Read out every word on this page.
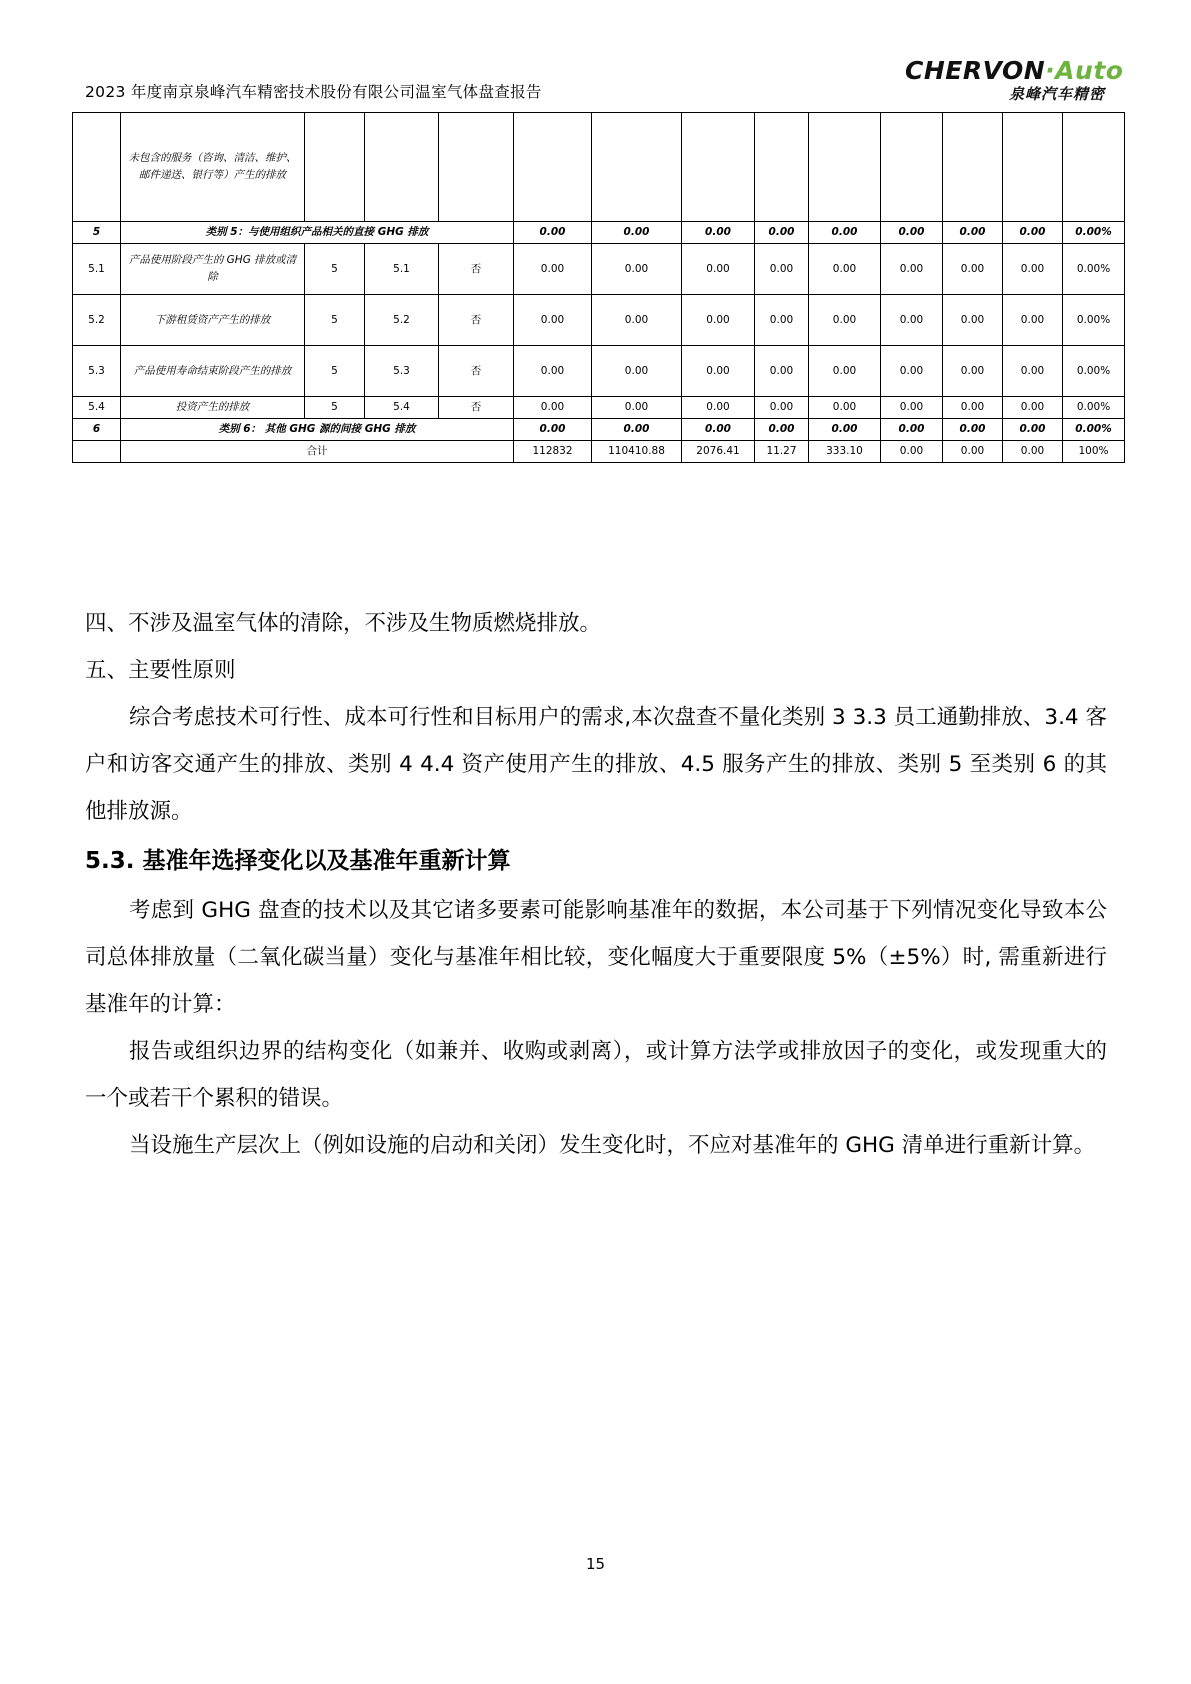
2023 年度南京泉峰汽车精密技术股份有限公司温室气体盘查报告
CHERVON·Auto
泉峰汽车精密
	未包含的服务（咨询、清洁、维护、邮件递送、银行等）产生的排放												
5	类别 5：与使用组织产品相关的直接 GHG 排放				0.00	0.00	0.00	0.00	0.00	0.00	0.00	0.00	0.00%
5.1	产品使用阶段产生的 GHG 排放或清除	5	5.1	否	0.00	0.00	0.00	0.00	0.00	0.00	0.00	0.00	0.00%
5.2	下游租赁资产产生的排放	5	5.2	否	0.00	0.00	0.00	0.00	0.00	0.00	0.00	0.00	0.00%
5.3	产品使用寿命结束阶段产生的排放	5	5.3	否	0.00	0.00	0.00	0.00	0.00	0.00	0.00	0.00	0.00%
5.4	投资产生的排放	5	5.4	否	0.00	0.00	0.00	0.00	0.00	0.00	0.00	0.00	0.00%
6	类别 6： 其他 GHG 源的间接 GHG 排放				0.00	0.00	0.00	0.00	0.00	0.00	0.00	0.00	0.00%
	合计				112832	110410.88	2076.41	11.27	333.10	0.00	0.00	0.00	100%

四、不涉及温室气体的清除，不涉及生物质燃烧排放。

五、主要性原则

综合考虑技术可行性、成本可行性和目标用户的需求,本次盘查不量化类别 3 3.3 员工通勤排放、3.4 客户和访客交通产生的排放、类别 4 4.4 资产使用产生的排放、4.5 服务产生的排放、类别 5 至类别 6 的其他排放源。

5.3. 基准年选择变化以及基准年重新计算

考虑到 GHG 盘查的技术以及其它诸多要素可能影响基准年的数据，本公司基于下列情况变化导致本公司总体排放量（二氧化碳当量）变化与基准年相比较，变化幅度大于重要限度 5%（±5%）时, 需重新进行基准年的计算：

报告或组织边界的结构变化（如兼并、收购或剥离），或计算方法学或排放因子的变化，或发现重大的一个或若干个累积的错误。

当设施生产层次上（例如设施的启动和关闭）发生变化时，不应对基准年的 GHG 清单进行重新计算。

15
